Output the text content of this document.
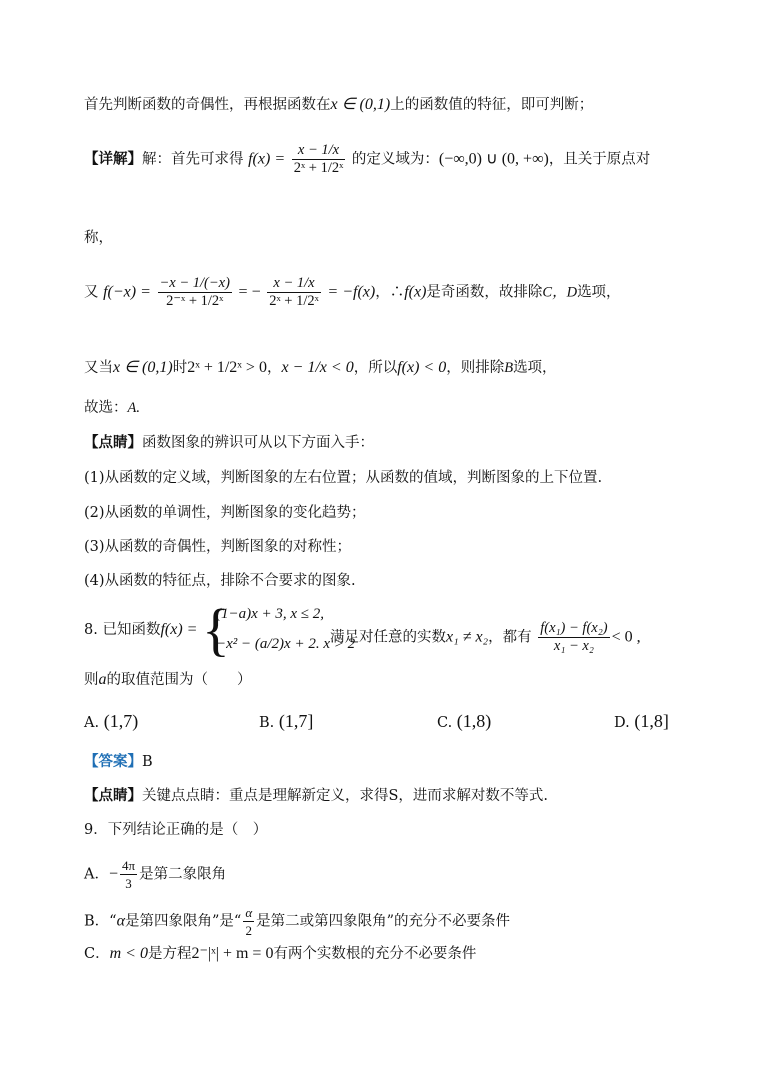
首先判断函数的奇偶性，再根据函数在x ∈ (0,1)上的函数值的特征，即可判断；
【详解】解：首先可求得 $f(x) = \frac{x - 1/x}{\text{2ˣ + 1/2ˣ}}$ 的定义域为：(−∞,0) ∪ (0, +∞)，且关于原点对
称，
又 $f(-x) = \frac{-x - 1/(-x)}{\text{2⁻ˣ + 1/2ˣ}}$ = − $\frac{x - 1/x}{\text{2ˣ + 1/2ˣ}} = -f(x)$，∴f(x)是奇函数，故排除C，D选项，
又当x ∈ (0,1)时2ˣ + 1/2ˣ > 0，x − 1/x < 0，所以f(x) < 0，则排除B选项，
故选：A.
【点睛】函数图象的辨识可从以下方面入手：
(1)从函数的定义域，判断图象的左右位置；从函数的值域，判断图象的上下位置.
(2)从函数的单调性，判断图象的变化趋势；
(3)从函数的奇偶性，判断图象的对称性；
(4)从函数的特征点，排除不合要求的图象.
8. 已知函数f(x) = {
(1−a)x + 3, x ≤ 2,
−x² − (a/2)x + 2. x > 2
满足对任意的实数x₁ ≠ x₂，都有 $\frac{\text{f(x₁) − f(x₂)}}{\text{x₁ − x₂}} < 0$ ,
则a的取值范围为（　　）
A. (1,7)	B. (1,7]	C. (1,8)	D. (1,8]
【答案】B
【点睛】关键点点睛：重点是理解新定义，求得S，进而求解对数不等式.
9．下列结论正确的是（　）
A．− $\frac{4\pi}{3}$ 是第二象限角
B．“α是第四象限角”是“ $\frac{\alpha}{2}$ 是第二或第四象限角”的充分不必要条件
C．m < 0是方程2⁻|ˣ| + m = 0有两个实数根的充分不必要条件
